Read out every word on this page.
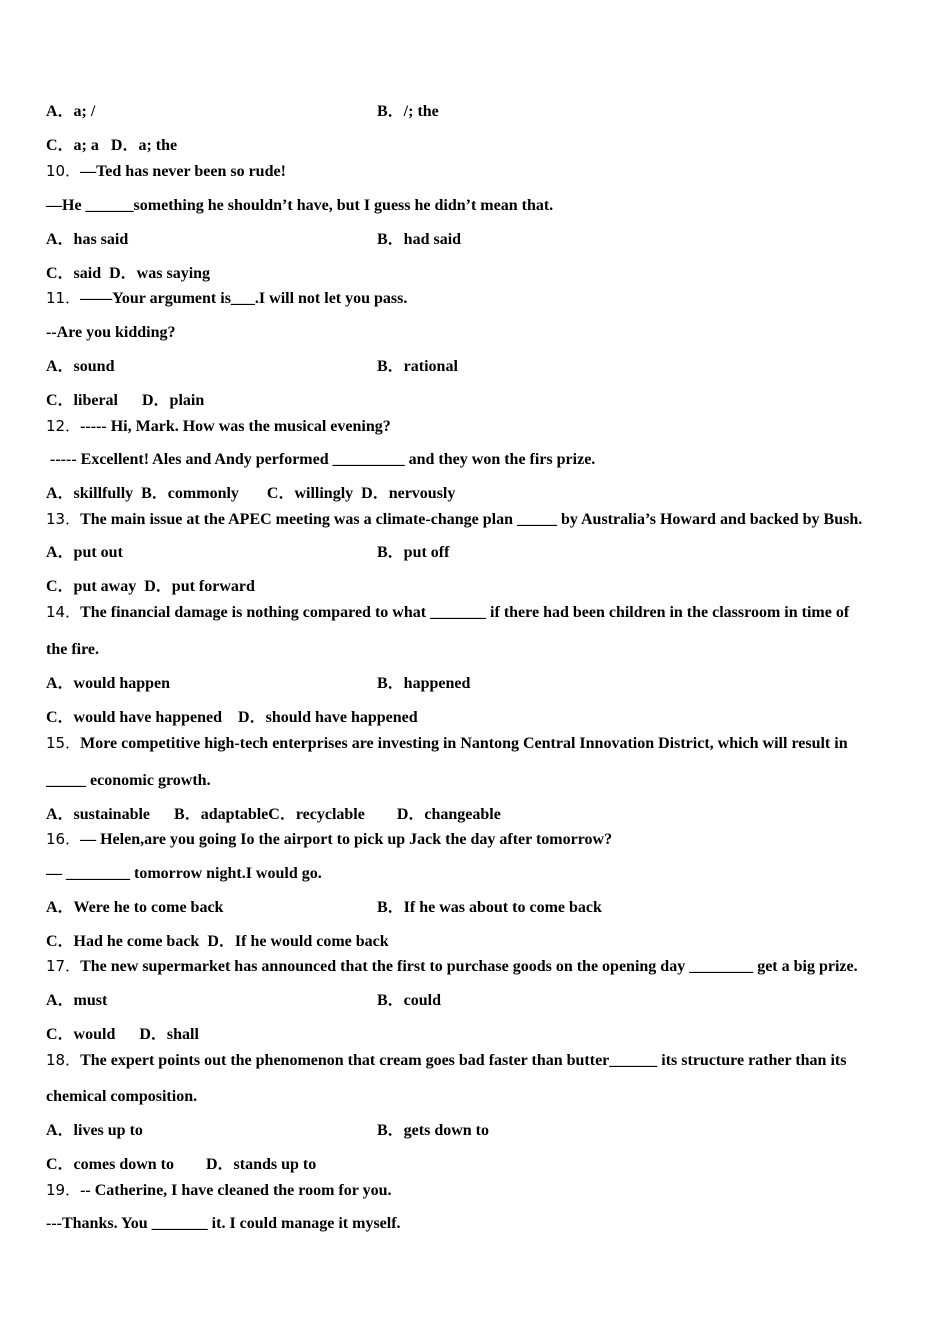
A．a; /	B．/; the
C．a; a   D．a; the
10．—Ted has never been so rude!
—He ______something he shouldn’t have, but I guess he didn’t mean that.
A．has said	B．had said
C．said  D．was saying
11．——Your argument is___.I will not let you pass.
--Are you kidding?
A．sound	B．rational
C．liberal      D．plain
12．----- Hi, Mark. How was the musical evening?
----- Excellent! Ales and Andy performed _________ and they won the firs prize.
A．skillfully  B．commonly       C．willingly  D．nervously
13．The main issue at the APEC meeting was a climate-change plan _____ by Australia’s Howard and backed by Bush.
A．put out	B．put off
C．put away  D．put forward
14．The financial damage is nothing compared to what _______ if there had been children in the classroom in time of
the fire.
A．would happen	B．happened
C．would have happened    D．should have happened
15．More competitive high-tech enterprises are investing in Nantong Central Innovation District, which will result in
_____ economic growth.
A．sustainable      B．adaptableC．recyclable        D．changeable
16．— Helen,are you going Io the airport to pick up Jack the day after tomorrow?
— ________ tomorrow night.I would go.
A．Were he to come back	B．If he was about to come back
C．Had he come back  D．If he would come back
17．The new supermarket has announced that the first to purchase goods on the opening day ________ get a big prize.
A．must	B．could
C．would      D．shall
18．The expert points out the phenomenon that cream goes bad faster than butter______ its structure rather than its
chemical composition.
A．lives up to	B．gets down to
C．comes down to        D．stands up to
19．-- Catherine, I have cleaned the room for you.
---Thanks. You _______ it. I could manage it myself.
